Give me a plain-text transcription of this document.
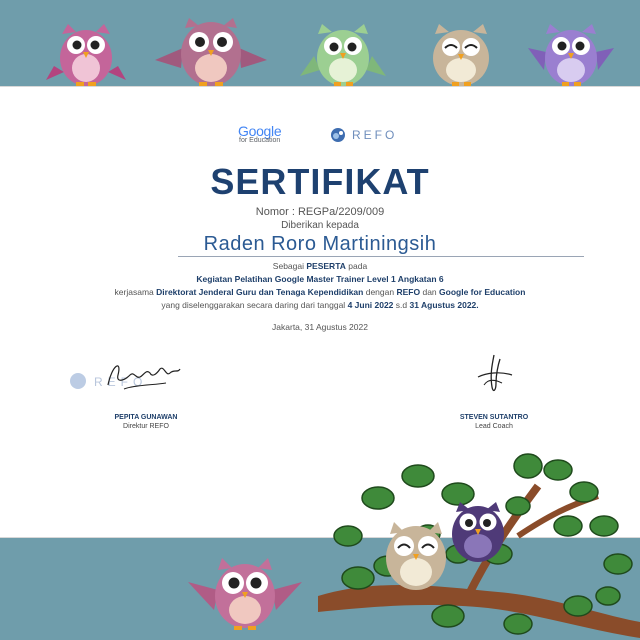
Google
for Education	REFO
SERTIFIKAT
Nomor : REGPa/2209/009
Diberikan kepada
Raden Roro Martiningsih
Sebagai PESERTA pada
Kegiatan Pelatihan Google Master Trainer Level 1 Angkatan 6
kerjasama Direktorat Jenderal Guru dan Tenaga Kependidikan dengan REFO dan Google for Education
yang diselenggarakan secara daring dari tanggal 4 Juni 2022 s.d 31 Agustus 2022.
Jakarta, 31 Agustus 2022
REFO
PEPITA GUNAWAN
Direktur REFO
STEVEN SUTANTRO
Lead Coach
